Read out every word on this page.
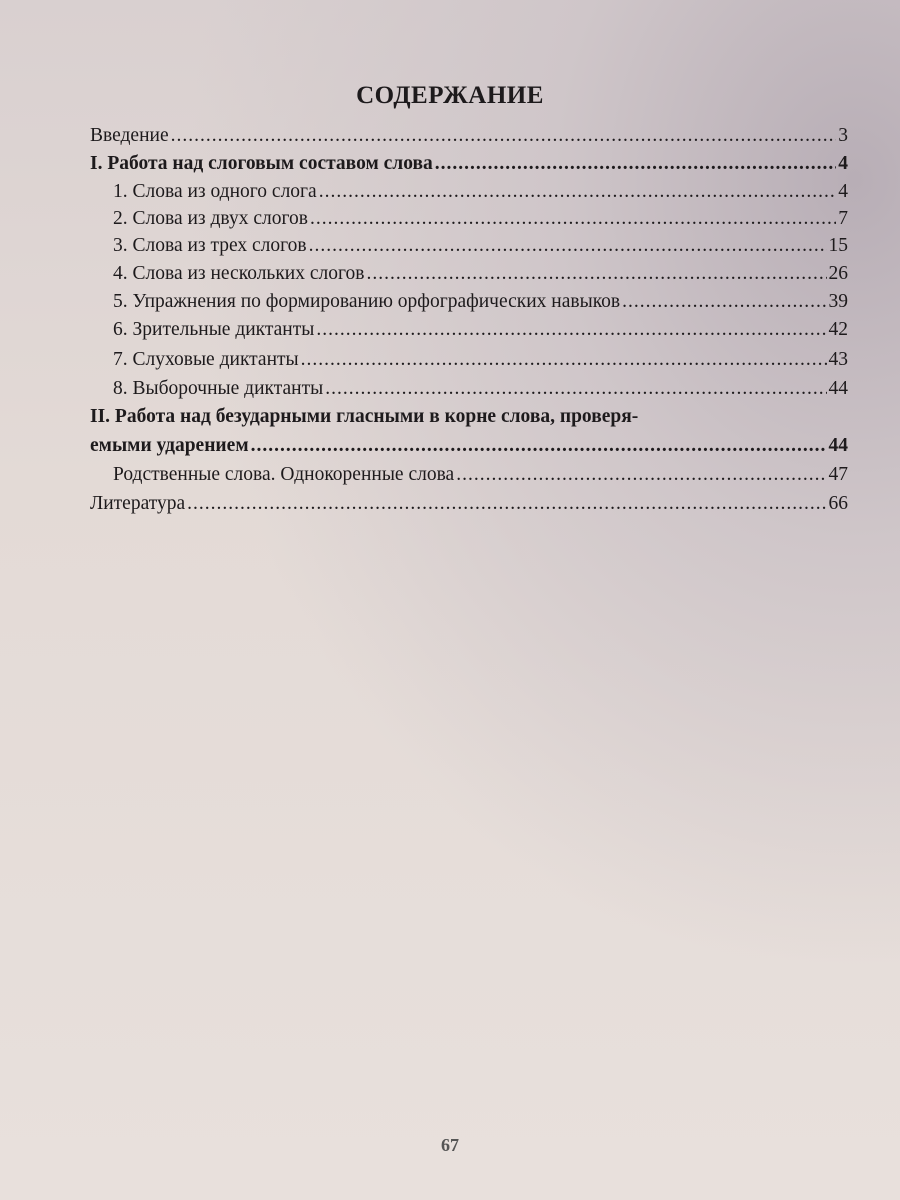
СОДЕРЖАНИЕ
Введение .....	3
I. Работа над слоговым составом слова .....	4
1. Слова из одного слога .....	4
2. Слова из двух слогов .....	7
3. Слова из трех слогов .....	15
4. Слова из нескольких слогов .....	26
5. Упражнения по формированию орфографических навыков .....	39
6. Зрительные диктанты .....	42
7. Слуховые диктанты .....	43
8. Выборочные диктанты .....	44
II. Работа над безударными гласными в корне слова, проверя-
емыми ударением .....	44
Родственные слова. Однокоренные слова .....	47
Литература .....	66
67
